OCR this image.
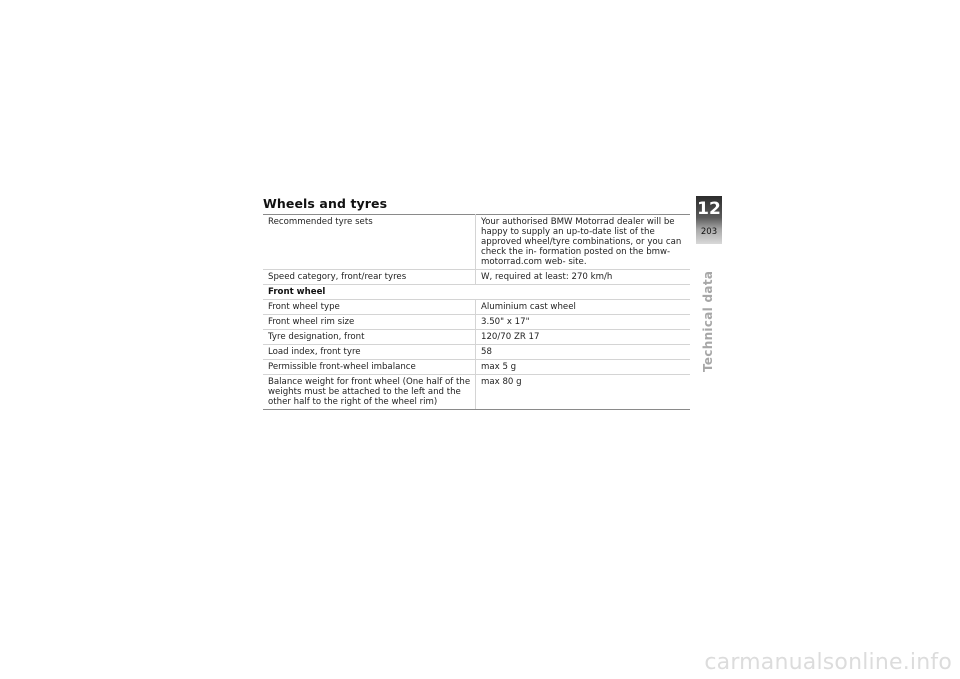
Wheels and tyres
Recommended tyre sets	Your authorised BMW Motorrad dealer will be happy to supply an up-to-date list of the approved wheel/tyre combinations, or you can check the in- formation posted on the bmw-motorrad.com web- site.
Speed category, front/rear tyres	W, required at least: 270 km/h
Front wheel	
Front wheel type	Aluminium cast wheel
Front wheel rim size	3.50" x 17"
Tyre designation, front	120/70 ZR 17
Load index, front tyre	58
Permissible front-wheel imbalance	max 5 g
Balance weight for front wheel (One half of the weights must be attached to the left and the other half to the right of the wheel rim)	max 80 g
12
203
Technical data
carmanualsonline.info
